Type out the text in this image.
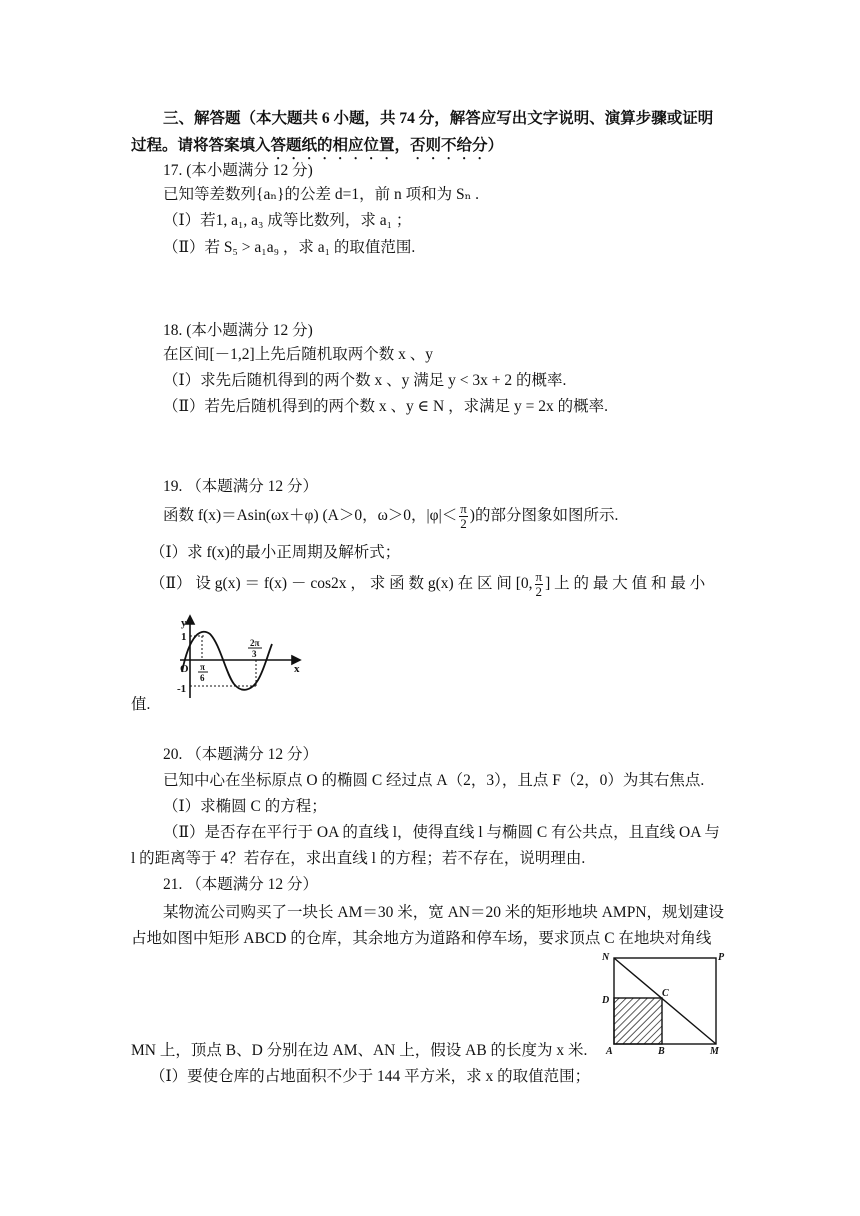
三、解答题（本大题共 6 小题，共 74 分，解答应写出文字说明、演算步骤或证明
过程。请将答案填入答题纸的相应位置，否则不给分）
17. (本小题满分 12 分)
已知等差数列{aₙ}的公差 d=1，前 n 项和为 Sₙ .
（Ⅰ）若1, a₁, a₃ 成等比数列，求 a₁ ；
（Ⅱ）若 S₅ > a₁a₉ ，求 a₁ 的取值范围.
18. (本小题满分 12 分)
在区间[－1,2]上先后随机取两个数 x 、y
（Ⅰ）求先后随机得到的两个数 x 、y 满足 y < 3x + 2 的概率.
（Ⅱ）若先后随机得到的两个数 x 、y ∈ N ，求满足 y = 2x 的概率.
19. （本题满分 12 分）
函数 f(x)＝Asin(ωx＋φ) (A＞0，ω＞0，$|\varphi|< \frac{\pi}{2}$ )的部分图象如图所示.
（Ⅰ）求 f(x)的最小正周期及解析式；
（Ⅱ） 设 g(x) ＝ f(x) － cos2x ， 求 函 数 g(x) 在 区 间 [0, $\frac{\pi}{2}$ ] 上 的 最 大 值 和 最 小
y
x
1
-1
O π
6
2π
3
值.
20. （本题满分 12 分）
已知中心在坐标原点 O 的椭圆 C 经过点 A（2，3），且点 F（2，0）为其右焦点.
（Ⅰ）求椭圆 C 的方程；
（Ⅱ）是否存在平行于 OA 的直线 l，使得直线 l 与椭圆 C 有公共点，且直线 OA 与
l 的距离等于 4？若存在，求出直线 l 的方程；若不存在，说明理由.
21. （本题满分 12 分）
某物流公司购买了一块长 AM＝30 米，宽 AN＝20 米的矩形地块 AMPN，规划建设
占地如图中矩形 ABCD 的仓库，其余地方为道路和停车场，要求顶点 C 在地块对角线
N	P
D
C
A	B	M
MN 上，顶点 B、D 分别在边 AM、AN 上，假设 AB 的长度为 x 米.
（Ⅰ）要使仓库的占地面积不少于 144 平方米，求 x 的取值范围；
